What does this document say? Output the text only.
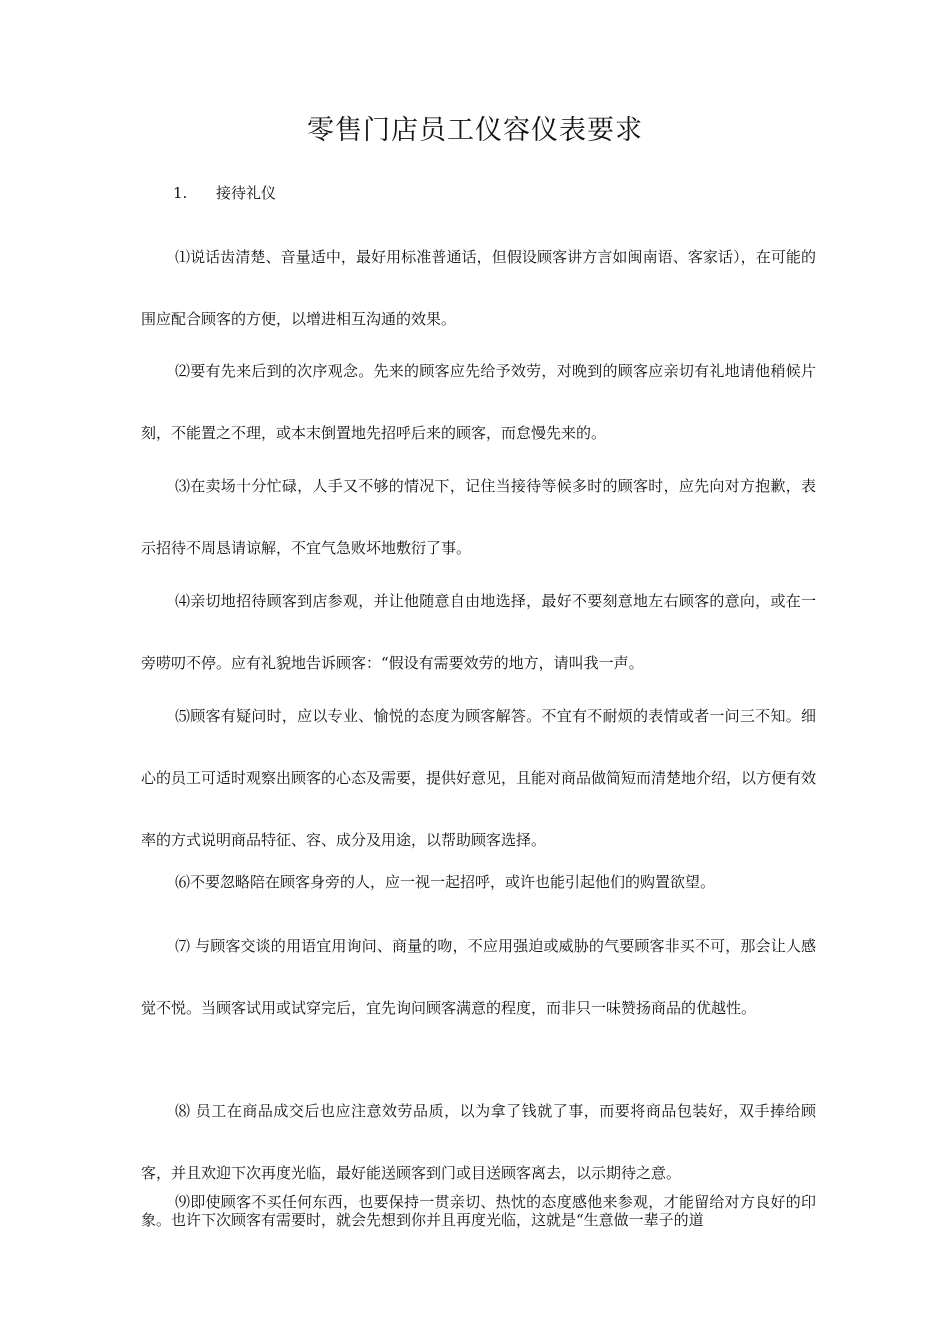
零售门店员工仪容仪表要求
1. 接待礼仪
⑴说话齿清楚、音量适中，最好用标准普通话，但假设顾客讲方言如闽南语、客家话），在可能的围应配合顾客的方便，以增进相互沟通的效果。
⑵要有先来后到的次序观念。先来的顾客应先给予效劳，对晚到的顾客应亲切有礼地请他稍候片刻，不能置之不理，或本末倒置地先招呼后来的顾客，而怠慢先来的。
⑶在卖场十分忙碌，人手又不够的情况下，记住当接待等候多时的顾客时，应先向对方抱歉，表示招待不周恳请谅解，不宜气急败坏地敷衍了事。
⑷亲切地招待顾客到店参观，并让他随意自由地选择，最好不要刻意地左右顾客的意向，或在一旁唠叨不停。应有礼貌地告诉顾客：“假设有需要效劳的地方，请叫我一声。
⑸顾客有疑问时，应以专业、愉悦的态度为顾客解答。不宜有不耐烦的表情或者一问三不知。细心的员工可适时观察出顾客的心态及需要，提供好意见，且能对商品做简短而清楚地介绍，以方便有效率的方式说明商品特征、容、成分及用途，以帮助顾客选择。
⑹不要忽略陪在顾客身旁的人，应一视一起招呼，或许也能引起他们的购置欲望。
⑺ 与顾客交谈的用语宜用询问、商量的吻，不应用强迫或威胁的气要顾客非买不可，那会让人感觉不悦。当顾客试用或试穿完后，宜先询问顾客满意的程度，而非只一味赞扬商品的优越性。
⑻ 员工在商品成交后也应注意效劳品质，以为拿了钱就了事，而要将商品包装好，双手捧给顾客，并且欢迎下次再度光临，最好能送顾客到门或目送顾客离去，以示期待之意。
⑼即使顾客不买任何东西，也要保持一贯亲切、热忱的态度感他来参观，才能留给对方良好的印象。也许下次顾客有需要时，就会先想到你并且再度光临，这就是“生意做一辈子的道
